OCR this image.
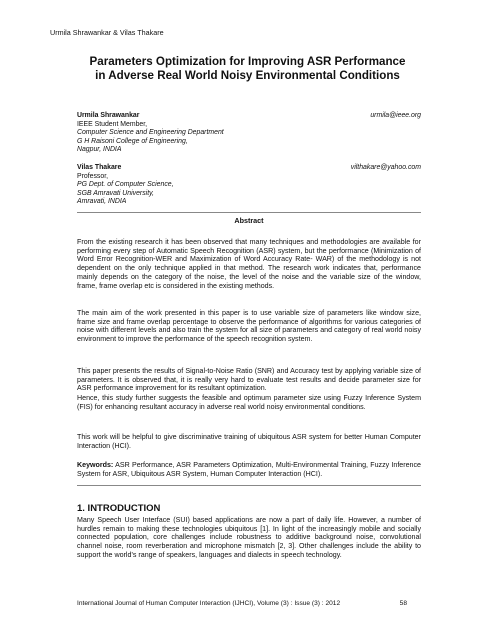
Urmila Shrawankar & Vilas Thakare
Parameters Optimization for Improving ASR Performance
in Adverse Real World Noisy Environmental Conditions
Urmila Shrawankar	urmila@ieee.org
IEEE Student Member,
Computer Science and Engineering Department
G H Raisoni College of Engineering,
Nagpur, INDIA
Vilas Thakare	vilthakare@yahoo.com
Professor,
PG Dept. of Computer Science,
SGB Amravati University,
Amravati, INDIA
Abstract
From the existing research it has been observed that many techniques and methodologies are available for performing every step of Automatic Speech Recognition (ASR) system, but the performance (Minimization of Word Error Recognition-WER and Maximization of Word Accuracy Rate- WAR) of the methodology is not dependent on the only technique applied in that method. The research work indicates that, performance mainly depends on the category of the noise, the level of the noise and the variable size of the window, frame, frame overlap etc is considered in the existing methods.
The main aim of the work presented in this paper is to use variable size of parameters like window size, frame size and frame overlap percentage to observe the performance of algorithms for various categories of noise with different levels and also train the system for all size of parameters and category of real world noisy environment to improve the performance of the speech recognition system.
This paper presents the results of Signal-to-Noise Ratio (SNR) and Accuracy test by applying variable size of parameters. It is observed that, it is really very hard to evaluate test results and decide parameter size for ASR performance improvement for its resultant optimization.
Hence, this study further suggests the feasible and optimum parameter size using Fuzzy Inference System (FIS) for enhancing resultant accuracy in adverse real world noisy environmental conditions.
This work will be helpful to give discriminative training of ubiquitous ASR system for better Human Computer Interaction (HCI).
Keywords: ASR Performance, ASR Parameters Optimization, Multi-Environmental Training, Fuzzy Inference System for ASR, Ubiquitous ASR System, Human Computer Interaction (HCI).
1. INTRODUCTION
Many Speech User Interface (SUI) based applications are now a part of daily life. However, a number of hurdles remain to making these technologies ubiquitous [1]. In light of the increasingly mobile and socially connected population, core challenges include robustness to additive background noise, convolutional channel noise, room reverberation and microphone mismatch [2, 3]. Other challenges include the ability to support the world’s range of speakers, languages and dialects in speech technology.
International Journal of Human Computer Interaction (IJHCI), Volume (3) : Issue (3) : 2012	58
